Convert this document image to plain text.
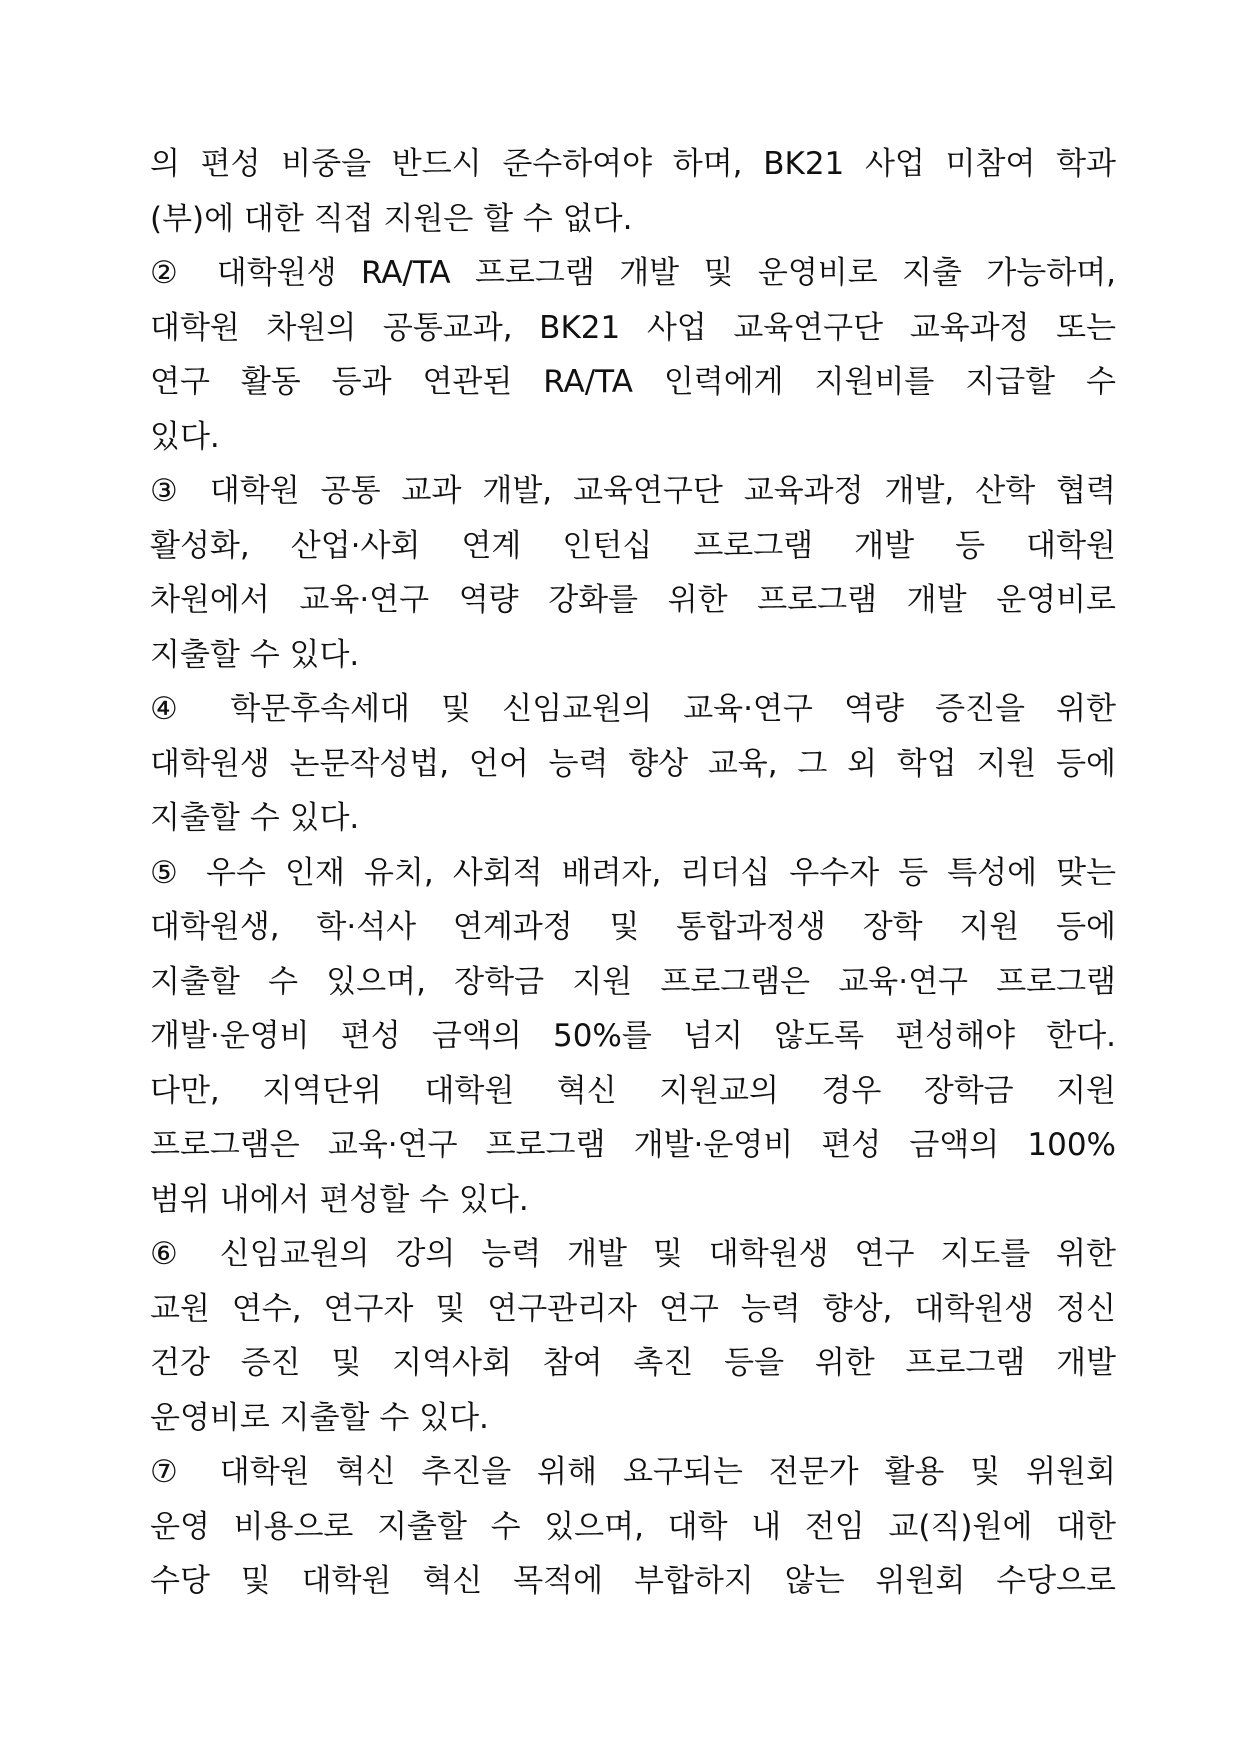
의 편성 비중을 반드시 준수하여야 하며, BK21 사업 미참여 학과
(부)에 대한 직접 지원은 할 수 없다.
② 대학원생 RA/TA 프로그램 개발 및 운영비로 지출 가능하며,
대학원 차원의 공통교과, BK21 사업 교육연구단 교육과정 또는
연구 활동 등과 연관된 RA/TA 인력에게 지원비를 지급할 수
있다.
③ 대학원 공통 교과 개발, 교육연구단 교육과정 개발, 산학 협력
활성화, 산업·사회 연계 인턴십 프로그램 개발 등 대학원
차원에서 교육·연구 역량 강화를 위한 프로그램 개발 운영비로
지출할 수 있다.
④ 학문후속세대 및 신임교원의 교육·연구 역량 증진을 위한
대학원생 논문작성법, 언어 능력 향상 교육, 그 외 학업 지원 등에
지출할 수 있다.
⑤ 우수 인재 유치, 사회적 배려자, 리더십 우수자 등 특성에 맞는
대학원생, 학·석사 연계과정 및 통합과정생 장학 지원 등에
지출할 수 있으며, 장학금 지원 프로그램은 교육·연구 프로그램
개발·운영비 편성 금액의 50%를 넘지 않도록 편성해야 한다.
다만, 지역단위 대학원 혁신 지원교의 경우 장학금 지원
프로그램은 교육·연구 프로그램 개발·운영비 편성 금액의 100%
범위 내에서 편성할 수 있다.
⑥ 신임교원의 강의 능력 개발 및 대학원생 연구 지도를 위한
교원 연수, 연구자 및 연구관리자 연구 능력 향상, 대학원생 정신
건강 증진 및 지역사회 참여 촉진 등을 위한 프로그램 개발
운영비로 지출할 수 있다.
⑦ 대학원 혁신 추진을 위해 요구되는 전문가 활용 및 위원회
운영 비용으로 지출할 수 있으며, 대학 내 전임 교(직)원에 대한
수당 및 대학원 혁신 목적에 부합하지 않는 위원회 수당으로
